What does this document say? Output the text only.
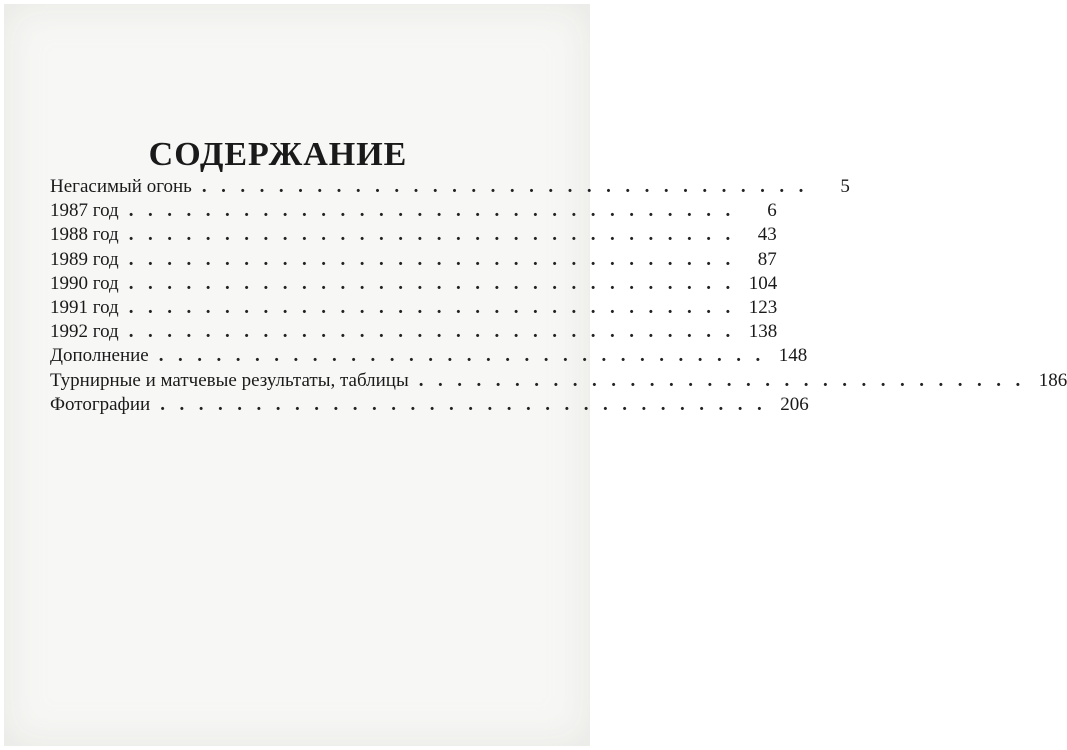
СОДЕРЖАНИЕ
Негасимый огонь ................................	5
1987 год ................................	6
1988 год ................................ 43
1989 год ................................ 87
1990 год ................................ 104
1991 год ................................ 123
1992 год ................................ 138
Дополнение ................................ 148
Турнирные и матчевые результаты, таблицы ................................ 186
Фотографии ................................ 206
